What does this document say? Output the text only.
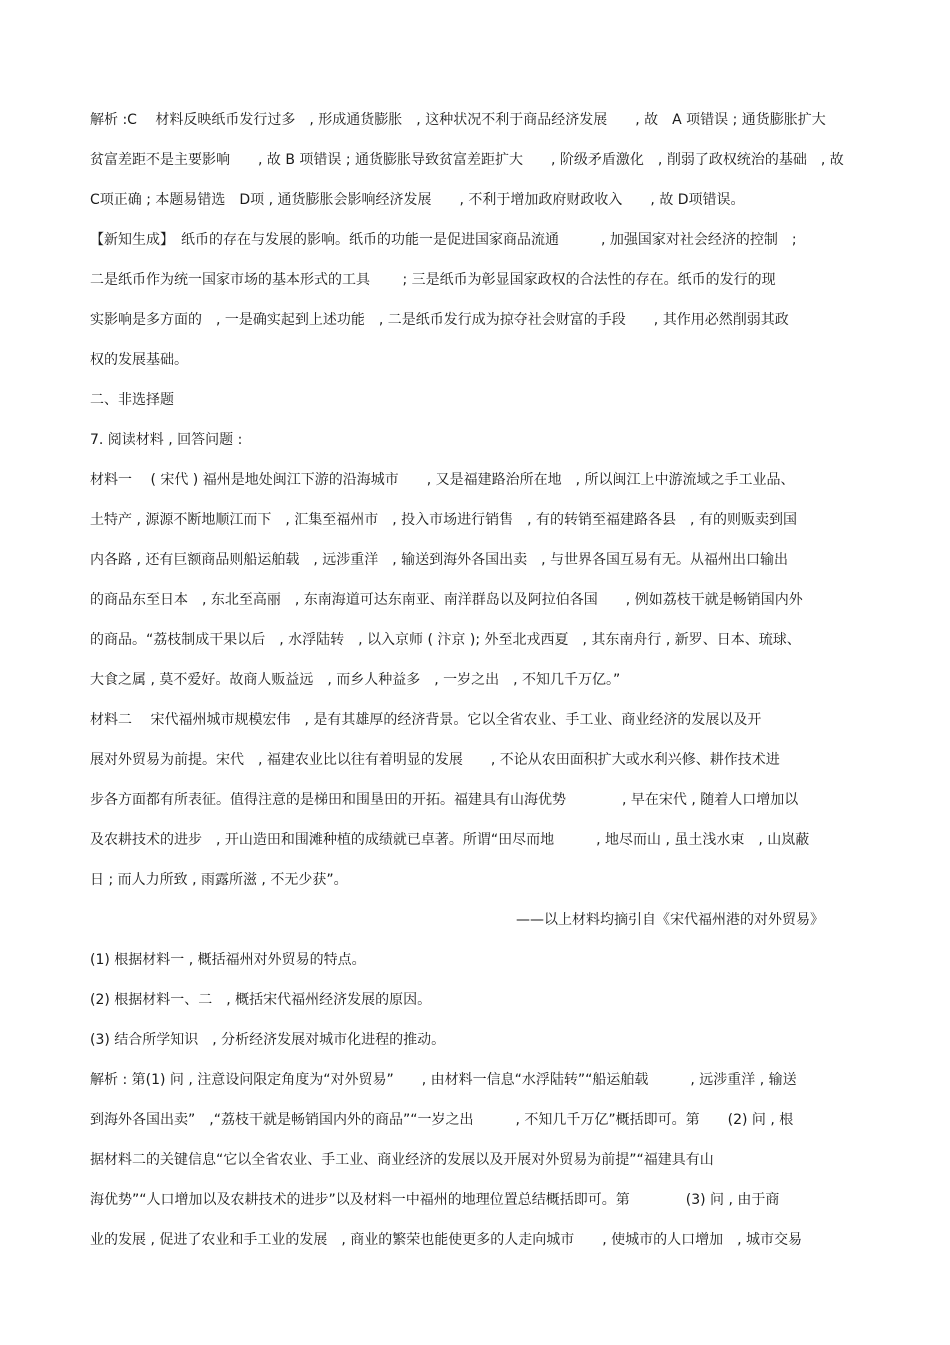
解析 :C　 材料反映纸币发行过多　, 形成通货膨胀　, 这种状况不利于商品经济发展　　, 故　A 项错误 ; 通货膨胀扩大
贫富差距不是主要影响　　, 故 B 项错误 ; 通货膨胀导致贫富差距扩大　　, 阶级矛盾激化　, 削弱了政权统治的基础　, 故
C项正确 ; 本题易错选　D项 , 通货膨胀会影响经济发展　　, 不利于增加政府财政收入　　, 故 D项错误。
【新知生成】　纸币的存在与发展的影响。纸币的功能一是促进国家商品流通　　　, 加强国家对社会经济的控制　;
二是纸币作为统一国家市场的基本形式的工具　　 ; 三是纸币为彰显国家政权的合法性的存在。纸币的发行的现
实影响是多方面的　, 一是确实起到上述功能　, 二是纸币发行成为掠夺社会财富的手段　　, 其作用必然削弱其政
权的发展基础。
二、非选择题
7. 阅读材料 , 回答问题 :
材料一　 ( 宋代 ) 福州是地处闽江下游的沿海城市　　, 又是福建路治所在地　, 所以闽江上中游流域之手工业品、
土特产 , 源源不断地顺江而下　, 汇集至福州市　, 投入市场进行销售　, 有的转销至福建路各县　, 有的则贩卖到国
内各路 , 还有巨额商品则船运舶载　, 远涉重洋　, 输送到海外各国出卖　, 与世界各国互易有无。从福州出口输出
的商品东至日本　, 东北至高丽　, 东南海道可达东南亚、南洋群岛以及阿拉伯各国　　, 例如荔枝干就是畅销国内外
的商品。“荔枝制成干果以后　, 水浮陆转　, 以入京师 ( 汴京 ); 外至北戎西夏　, 其东南舟行 , 新罗、日本、琉球、
大食之属 , 莫不爱好。故商人贩益远　, 而乡人种益多　, 一岁之出　, 不知几千万亿。”
材料二　 宋代福州城市规模宏伟　, 是有其雄厚的经济背景。它以全省农业、手工业、商业经济的发展以及开
展对外贸易为前提。宋代　, 福建农业比以往有着明显的发展　　, 不论从农田面积扩大或水利兴修、耕作技术进
步各方面都有所表征。值得注意的是梯田和围垦田的开拓。福建具有山海优势　　　　, 早在宋代 , 随着人口增加以
及农耕技术的进步　, 开山造田和围滩种植的成绩就已卓著。所谓“田尽而地　　　, 地尽而山 , 虽土浅水束　, 山岚蔽
日 ; 而人力所致 , 雨露所滋 , 不无少获”。
——以上材料均摘引自《宋代福州港的对外贸易》
(1) 根据材料一 , 概括福州对外贸易的特点。
(2) 根据材料一、二　, 概括宋代福州经济发展的原因。
(3) 结合所学知识　, 分析经济发展对城市化进程的推动。
解析 : 第(1) 问 , 注意设问限定角度为“对外贸易”　　, 由材料一信息“水浮陆转”“船运舶载　　　, 远涉重洋 , 输送
到海外各国出卖”　,“荔枝干就是畅销国内外的商品”“一岁之出　　　, 不知几千万亿”概括即可。第　　(2) 问 , 根
据材料二的关键信息“它以全省农业、手工业、商业经济的发展以及开展对外贸易为前提”“福建具有山
海优势”“人口增加以及农耕技术的进步”以及材料一中福州的地理位置总结概括即可。第　　　　(3) 问 , 由于商
业的发展 , 促进了农业和手工业的发展　, 商业的繁荣也能使更多的人走向城市　　, 使城市的人口增加　, 城市交易
